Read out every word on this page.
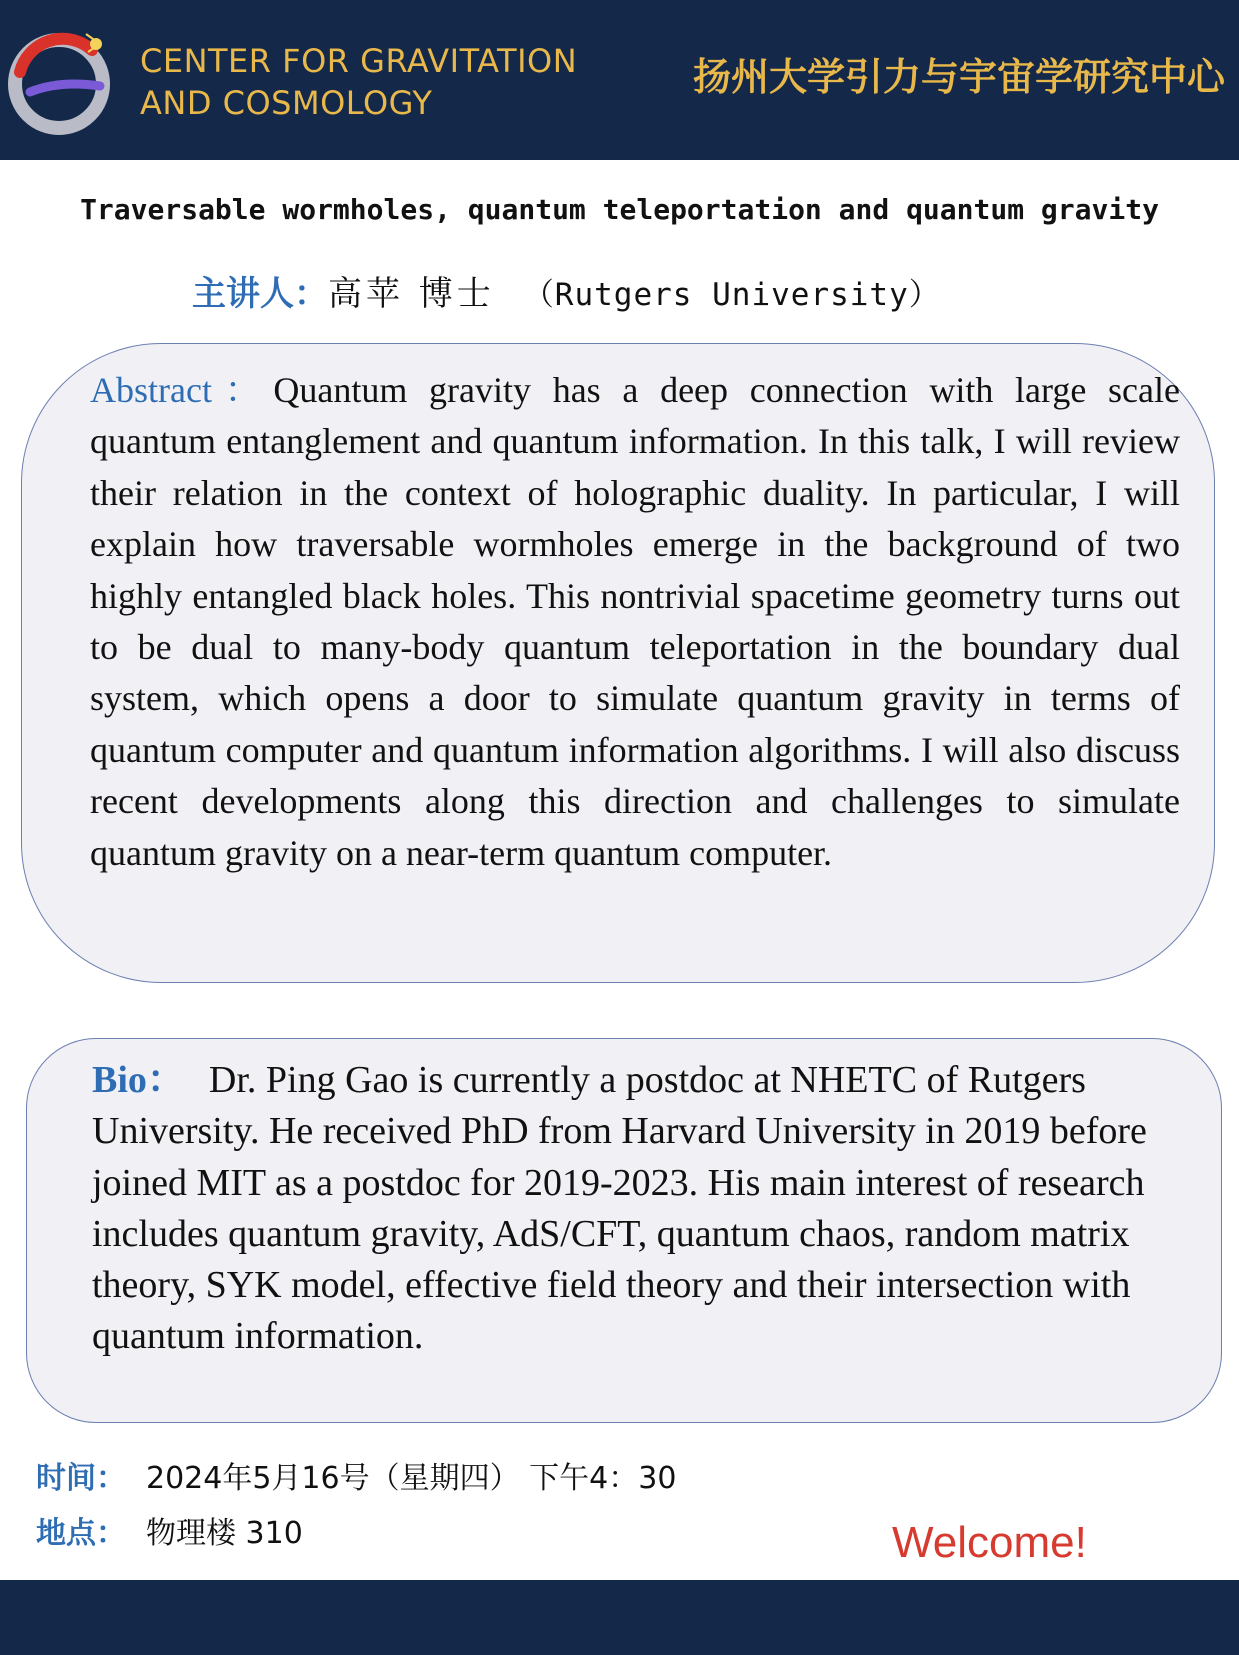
CENTER FOR GRAVITATION
AND COSMOLOGY
扬州大学引力与宇宙学研究中心
Traversable wormholes, quantum teleportation and quantum gravity
主讲人：高苹 博士 （Rutgers University）
Abstract：Quantum gravity has a deep connection with large scale quantum entanglement and quantum information. In this talk, I will review their relation in the context of holographic duality. In particular, I will explain how traversable wormholes emerge in the background of two highly entangled black holes. This nontrivial spacetime geometry turns out to be dual to many-body quantum teleportation in the boundary dual system, which opens a door to simulate quantum gravity in terms of quantum computer and quantum information algorithms. I will also discuss recent developments along this direction and challenges to simulate quantum gravity on a near-term quantum computer.
Bio： Dr. Ping Gao is currently a postdoc at NHETC of Rutgers University. He received PhD from Harvard University in 2019 before joined MIT as a postdoc for 2019-2023. His main interest of research includes quantum gravity, AdS/CFT, quantum chaos, random matrix theory, SYK model, effective field theory and their intersection with quantum information.
时间： 2024年5月16号（星期四） 下午4：30
地点： 物理楼 310	Welcome!
